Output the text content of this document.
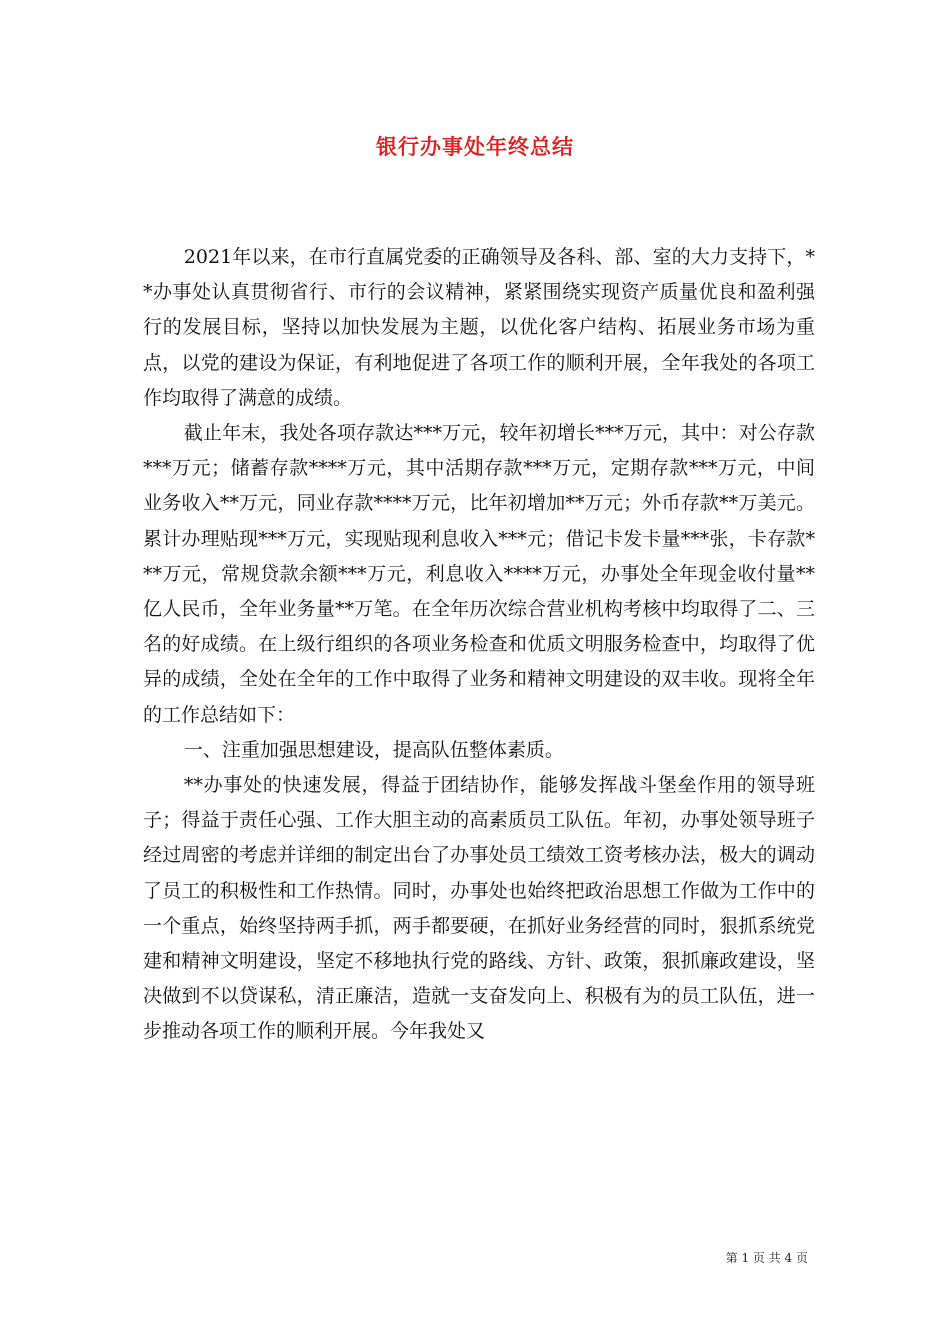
银行办事处年终总结

2021年以来，在市行直属党委的正确领导及各科、部、室的大力支持下，**办事处认真贯彻省行、市行的会议精神，紧紧围绕实现资产质量优良和盈利强行的发展目标，坚持以加快发展为主题，以优化客户结构、拓展业务市场为重点，以党的建设为保证，有利地促进了各项工作的顺利开展，全年我处的各项工作均取得了满意的成绩。

截止年末，我处各项存款达***万元，较年初增长***万元，其中：对公存款***万元；储蓄存款****万元，其中活期存款***万元，定期存款***万元，中间业务收入**万元，同业存款****万元，比年初增加**万元；外币存款**万美元。累计办理贴现***万元，实现贴现利息收入***元；借记卡发卡量***张，卡存款***万元，常规贷款余额***万元，利息收入****万元，办事处全年现金收付量**亿人民币，全年业务量**万笔。在全年历次综合营业机构考核中均取得了二、三名的好成绩。在上级行组织的各项业务检查和优质文明服务检查中，均取得了优异的成绩，全处在全年的工作中取得了业务和精神文明建设的双丰收。现将全年的工作总结如下：

一、注重加强思想建设，提高队伍整体素质。

**办事处的快速发展，得益于团结协作，能够发挥战斗堡垒作用的领导班子；得益于责任心强、工作大胆主动的高素质员工队伍。年初，办事处领导班子经过周密的考虑并详细的制定出台了办事处员工绩效工资考核办法，极大的调动了员工的积极性和工作热情。同时，办事处也始终把政治思想工作做为工作中的一个重点，始终坚持两手抓，两手都要硬，在抓好业务经营的同时，狠抓系统党建和精神文明建设，坚定不移地执行党的路线、方针、政策，狠抓廉政建设，坚决做到不以贷谋私，清正廉洁，造就一支奋发向上、积极有为的员工队伍，进一步推动各项工作的顺利开展。今年我处又

第 1 页 共 4 页
